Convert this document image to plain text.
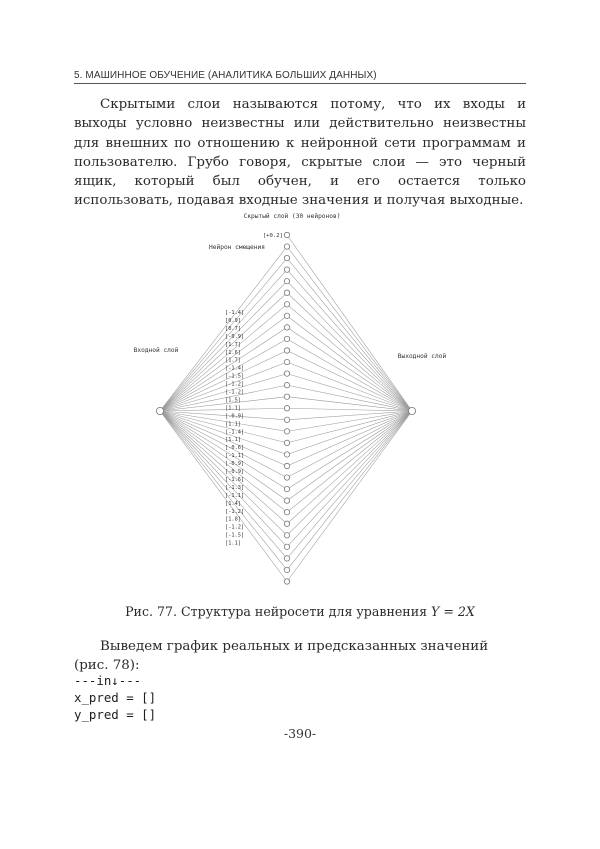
5. МАШИННОЕ ОБУЧЕНИЕ (АНАЛИТИКА БОЛЬШИХ ДАННЫХ)

Скрытыми слои называются потому, что их входы и выходы условно неизвестны или действительно неизвестны для внешних по отношению к нейронной сети программам и пользователю. Грубо говоря, скрытые слои — это черный ящик, который был обучен, и его остается только использовать, подавая входные значения и получая выходные.

[-1.4]
[0.9]
[0.7]
[-0.9]
[1.7]
[1.6]
[1.7]
[-1.4]
[-1.5]
[-1.2]
[-1.2]
[1.5]
[1.1]
[-0.9]
[1.1]
[-1.4]
[1.1]
[-0.6]
[-1.1]
[-0.9]
[-0.9]
[-1.6]
[-1.3]
[-1.1]
[1.4]
[-1.2]
[1.8]
[-1.2]
[-1.5]
[1.1]
Скрытый слой (30 нейронов)
[+0.2]
Нейрон смещения
Входной слой
Выходной слой
Рис. 77. Структура нейросети для уравнения Y = 2X

Выведем график реальных и предсказанных значений (рис. 78):

---in↓---
x_pred = []
y_pred = []
-390-
